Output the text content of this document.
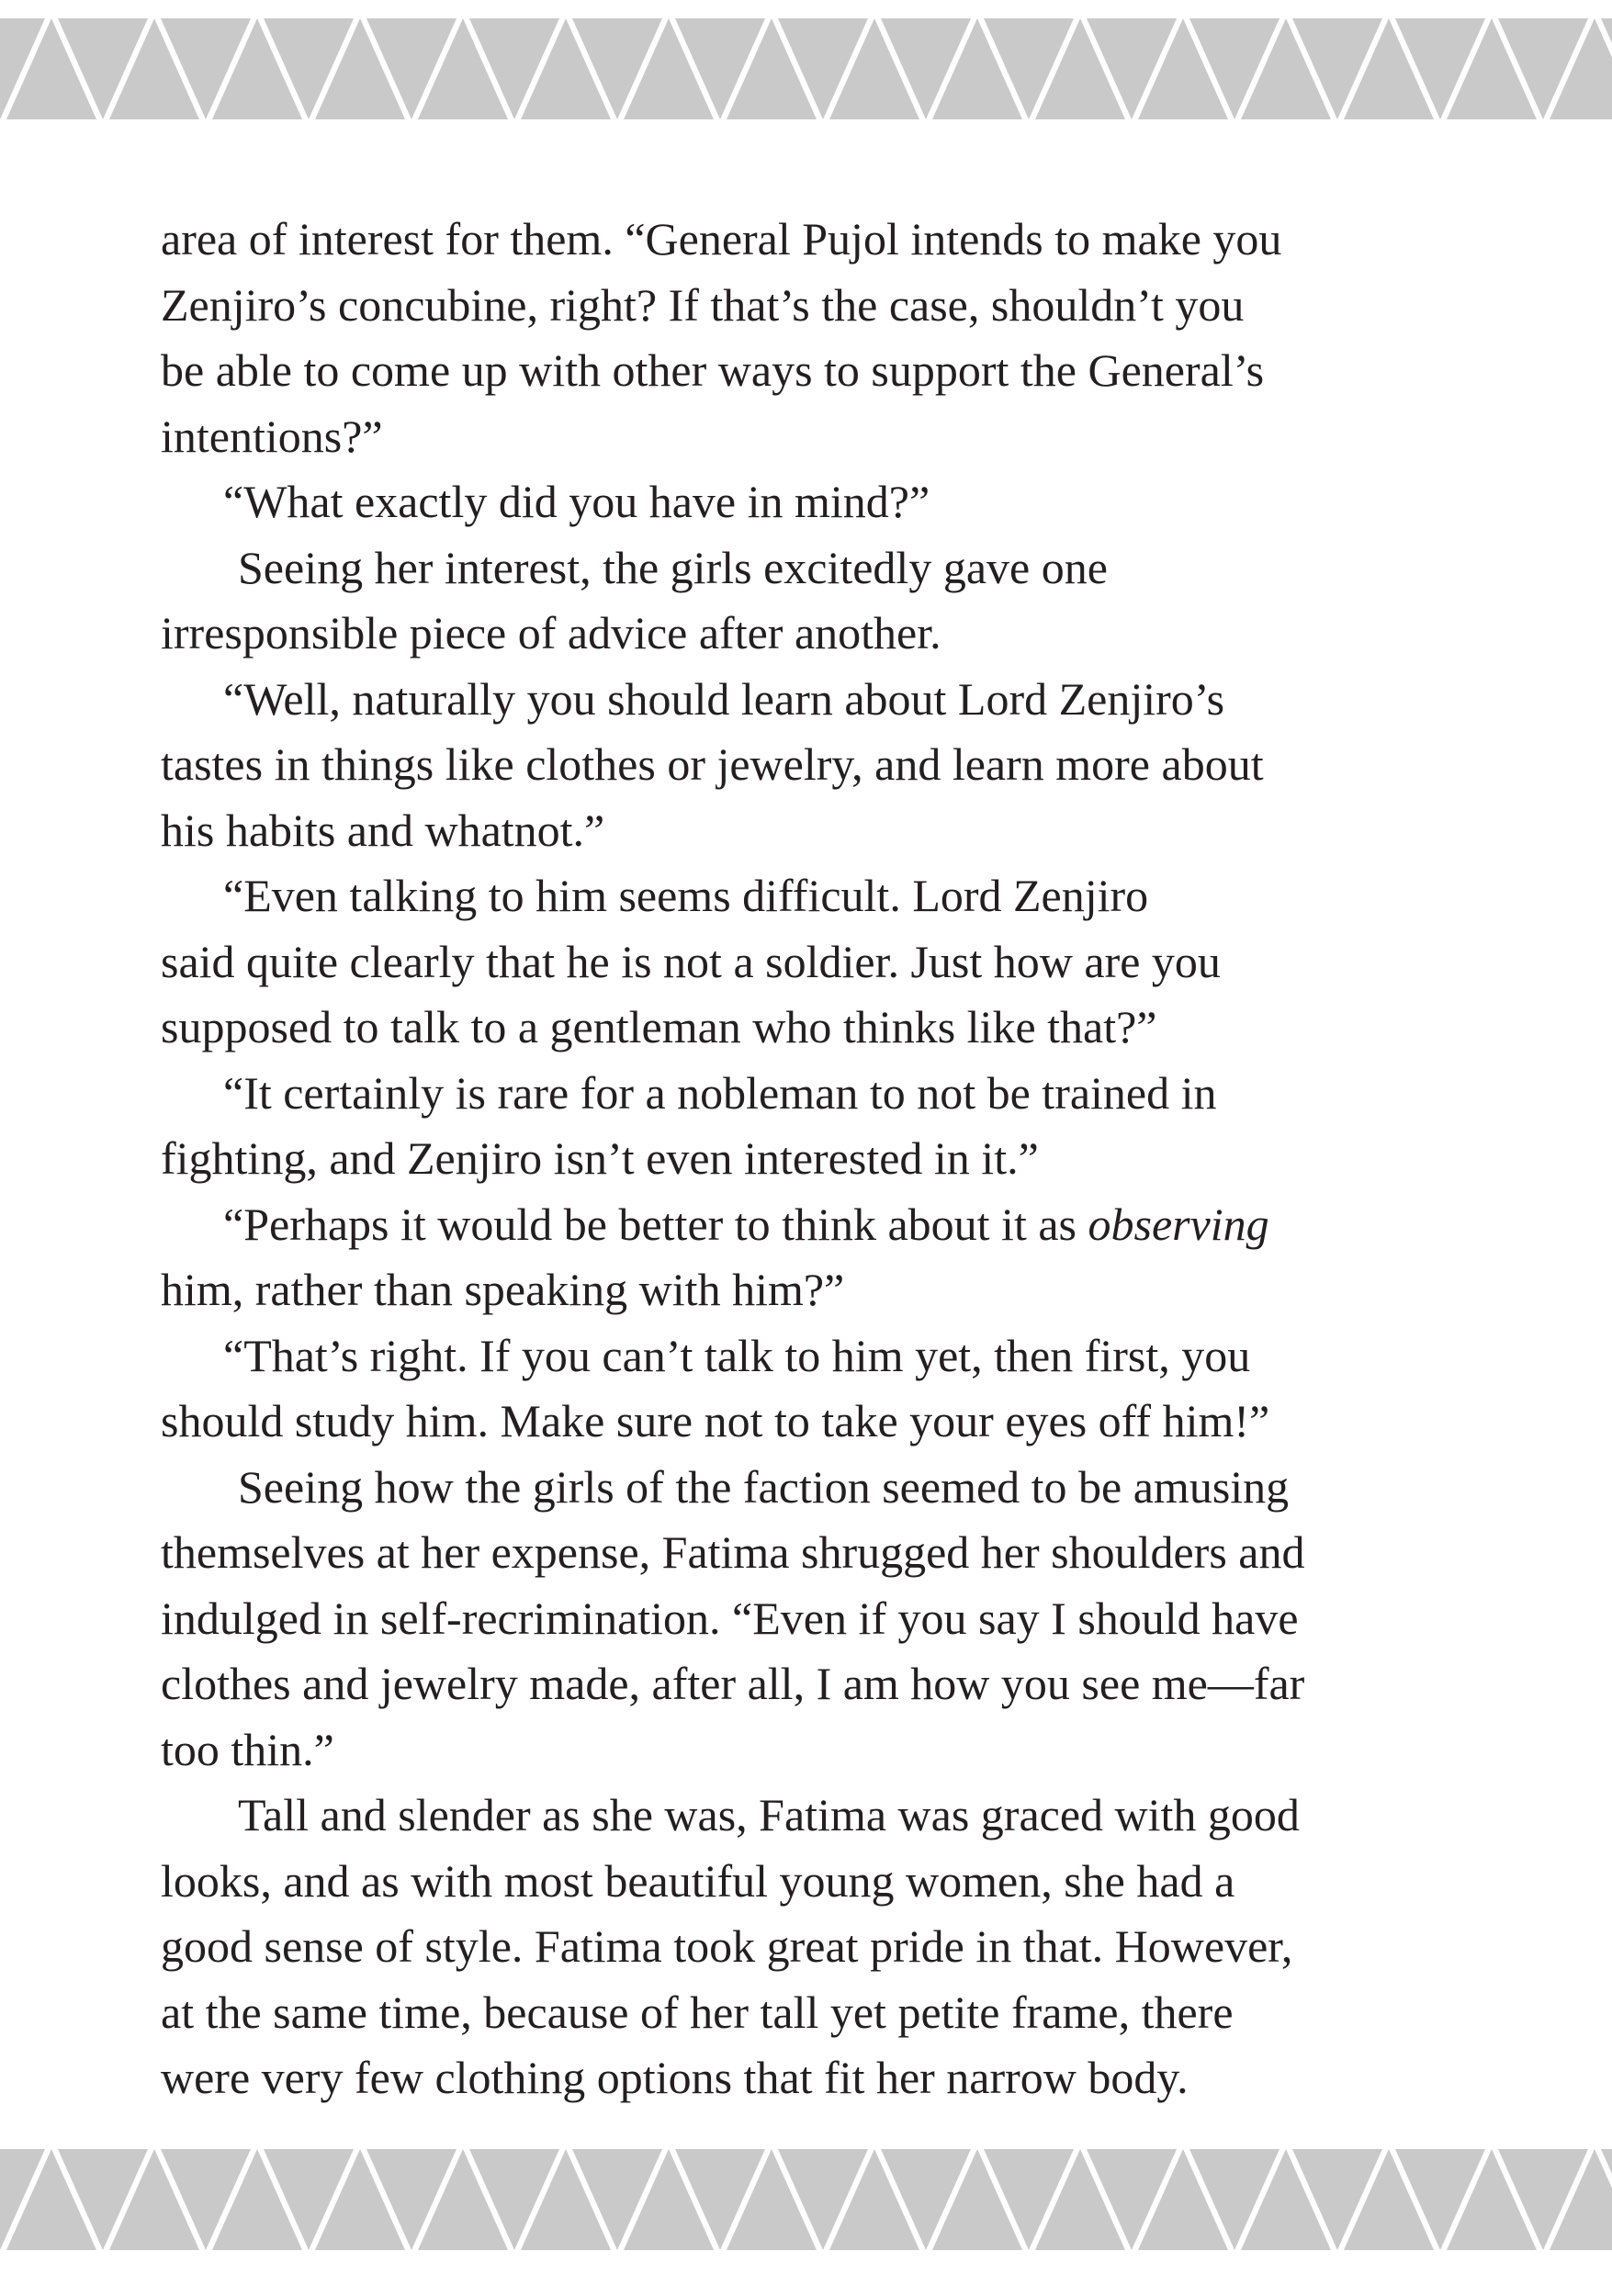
area of interest for them. “General Pujol intends to make you
Zenjiro’s concubine, right? If that’s the case, shouldn’t you
be able to come up with other ways to support the General’s
intentions?”
“What exactly did you have in mind?”
Seeing her interest, the girls excitedly gave one
irresponsible piece of advice after another.
“Well, naturally you should learn about Lord Zenjiro’s
tastes in things like clothes or jewelry, and learn more about
his habits and whatnot.”
“Even talking to him seems difficult. Lord Zenjiro
said quite clearly that he is not a soldier. Just how are you
supposed to talk to a gentleman who thinks like that?”
“It certainly is rare for a nobleman to not be trained in
fighting, and Zenjiro isn’t even interested in it.”
“Perhaps it would be better to think about it as observing
him, rather than speaking with him?”
“That’s right. If you can’t talk to him yet, then first, you
should study him. Make sure not to take your eyes off him!”
Seeing how the girls of the faction seemed to be amusing
themselves at her expense, Fatima shrugged her shoulders and
indulged in self-recrimination. “Even if you say I should have
clothes and jewelry made, after all, I am how you see me—far
too thin.”
Tall and slender as she was, Fatima was graced with good
looks, and as with most beautiful young women, she had a
good sense of style. Fatima took great pride in that. However,
at the same time, because of her tall yet petite frame, there
were very few clothing options that fit her narrow body.
